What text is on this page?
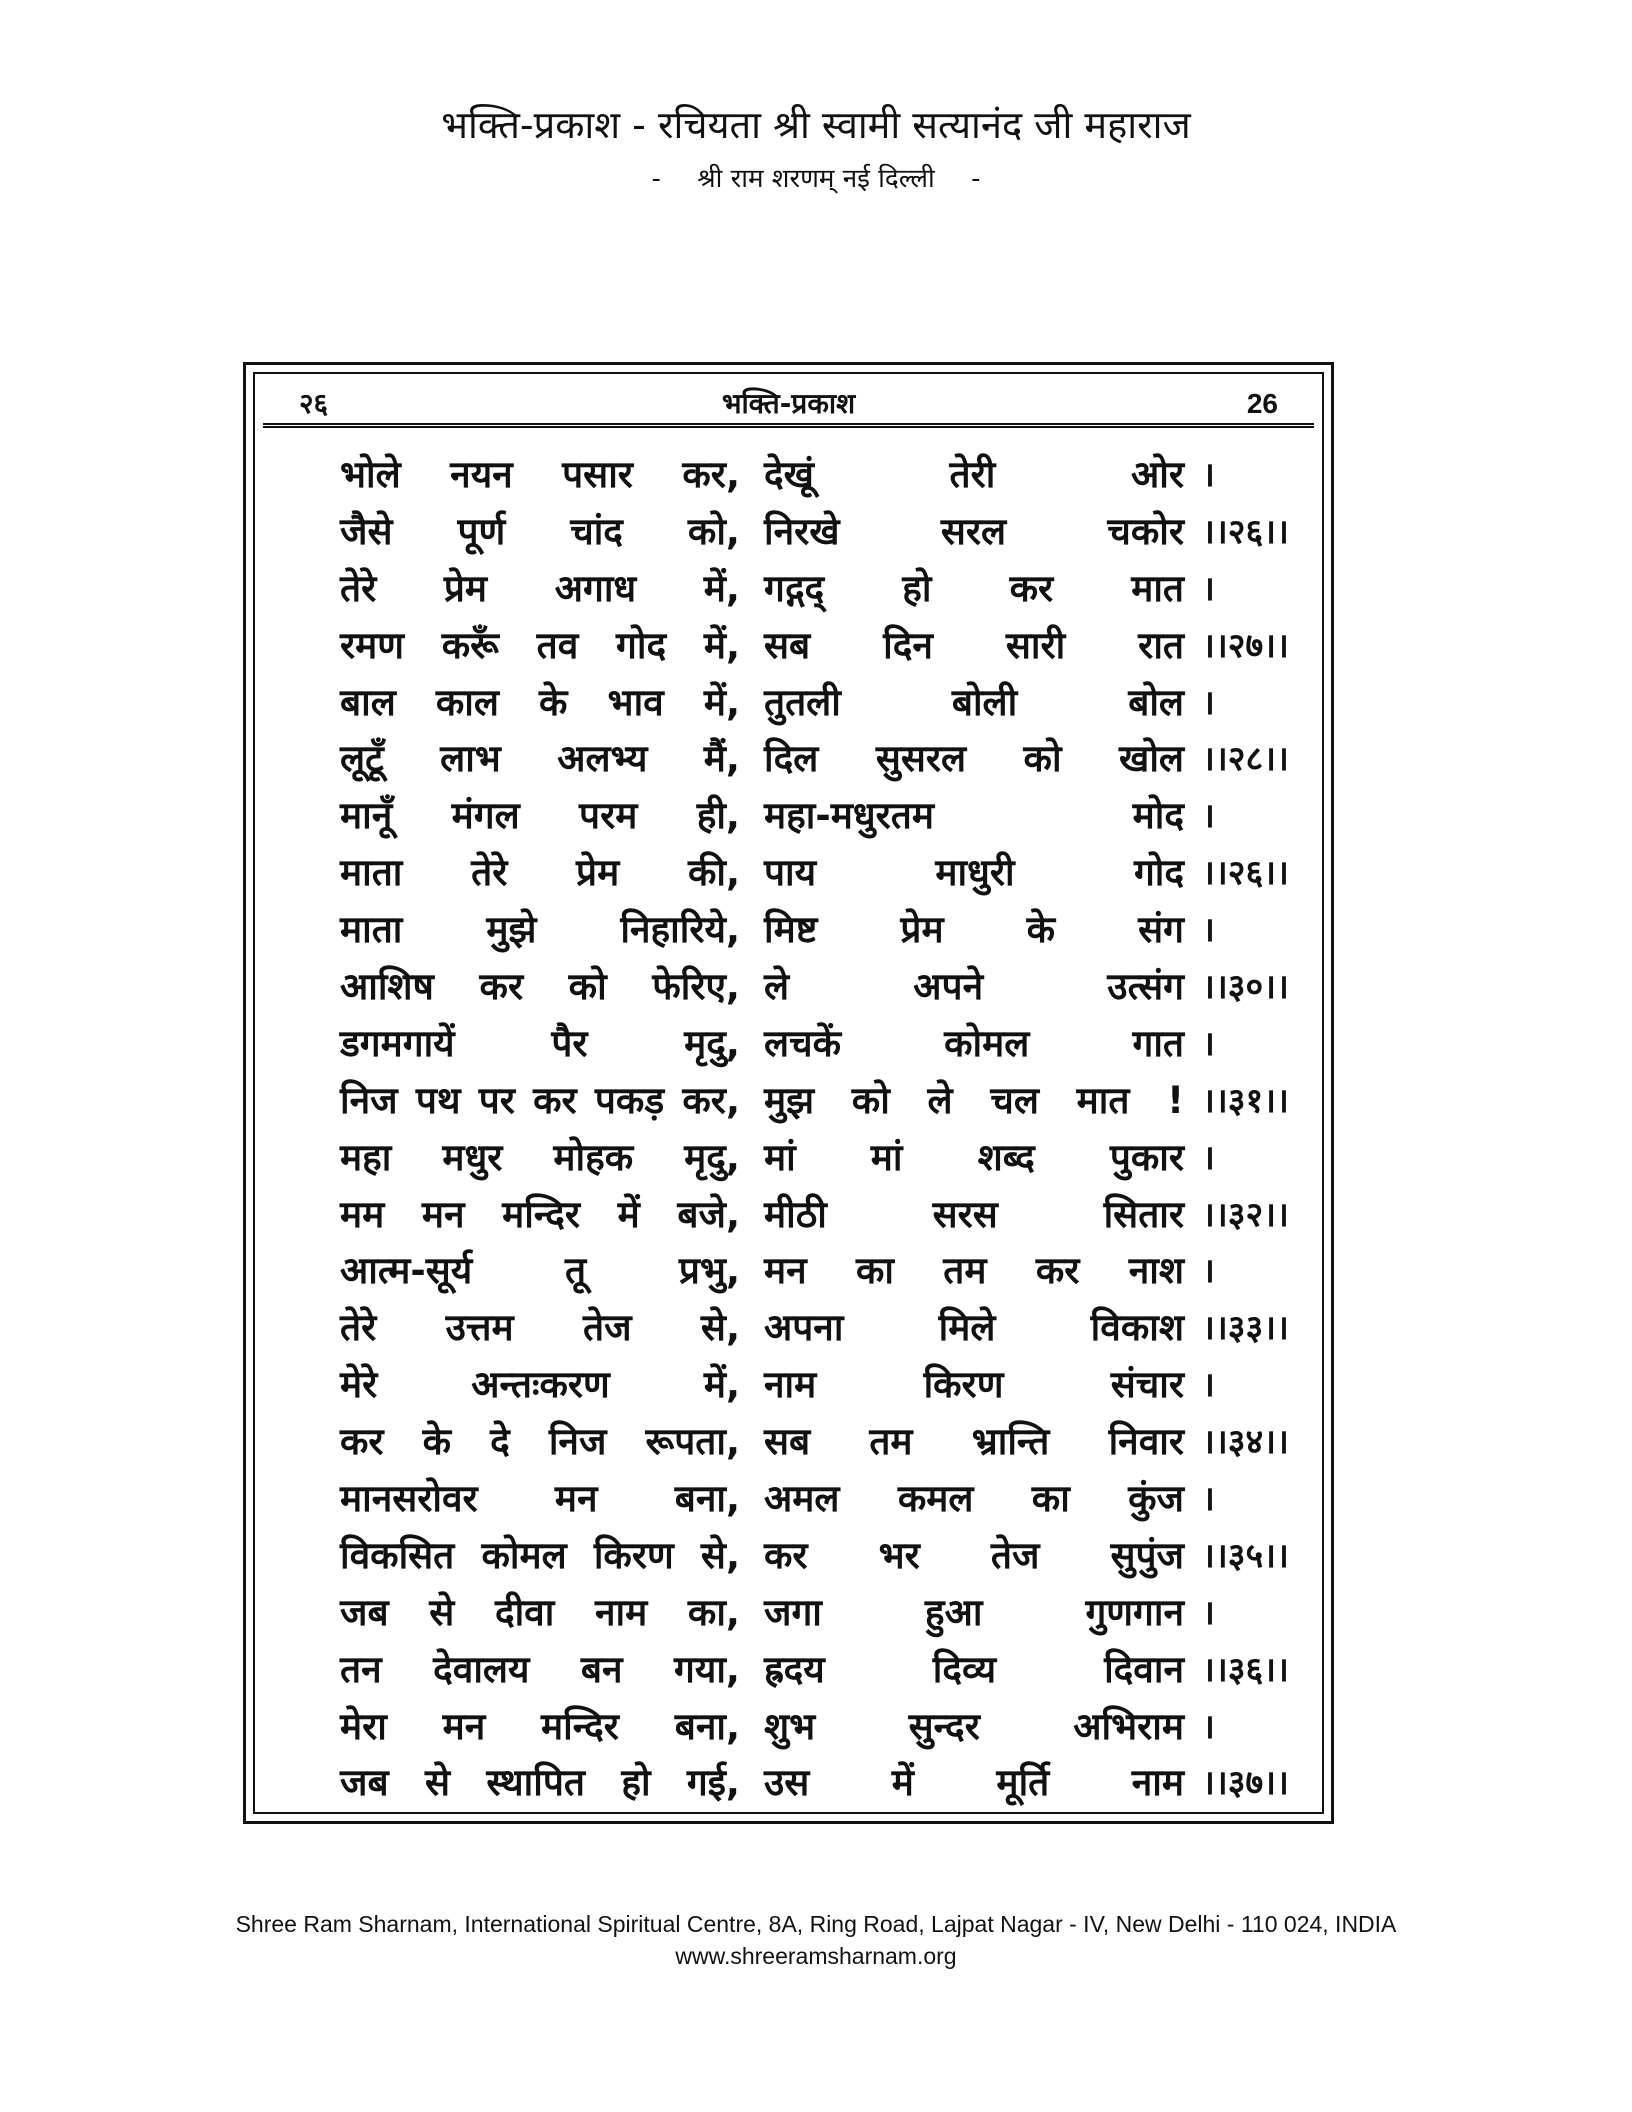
भक्ति-प्रकाश - रचियता श्री स्वामी सत्यानंद जी महाराज
- श्री राम शरणम् नई दिल्ली -
भक्ति-प्रकाश
२६	26
भोले नयन पसार कर, देखूं तेरी ओर ।
जैसे पूर्ण चांद को, निरखे सरल चकोर ।।२६।।
तेरे प्रेम अगाध में, गद्गद् हो कर मात ।
रमण करूँ तव गोद में, सब दिन सारी रात ।।२७।।
बाल काल के भाव में, तुतली बोली बोल ।
लूटूँ लाभ अलभ्य मैं, दिल सुसरल को खोल ।।२८।।
मानूँ मंगल परम ही, महा-मधुरतम मोद ।
माता तेरे प्रेम की, पाय माधुरी गोद ।।२६।।
माता मुझे निहारिये, मिष्ट प्रेम के संग ।
आशिष कर को फेरिए, ले अपने उत्संग ।।३०।।
डगमगायें पैर मृदु, लचकें कोमल गात ।
निज पथ पर कर पकड़ कर, मुझ को ले चल मात ! ।।३१।।
महा मधुर मोहक मृदु, मां मां शब्द पुकार ।
मम मन मन्दिर में बजे, मीठी सरस सितार ।।३२।।
आत्म-सूर्य तू प्रभु, मन का तम कर नाश ।
तेरे उत्तम तेज से, अपना मिले विकाश ।।३३।।
मेरे अन्तःकरण में, नाम किरण संचार ।
कर के दे निज रूपता, सब तम भ्रान्ति निवार ।।३४।।
मानसरोवर मन बना, अमल कमल का कुंज ।
विकसित कोमल किरण से, कर भर तेज सुपुंज ।।३५।।
जब से दीवा नाम का, जगा हुआ गुणगान ।
तन देवालय बन गया, ह्रदय दिव्य दिवान ।।३६।।
मेरा मन मन्दिर बना, शुभ सुन्दर अभिराम ।
जब से स्थापित हो गई, उस में मूर्ति नाम ।।३७।।
Shree Ram Sharnam, International Spiritual Centre, 8A, Ring Road, Lajpat Nagar - IV, New Delhi - 110 024, INDIA
www.shreeramsharnam.org
